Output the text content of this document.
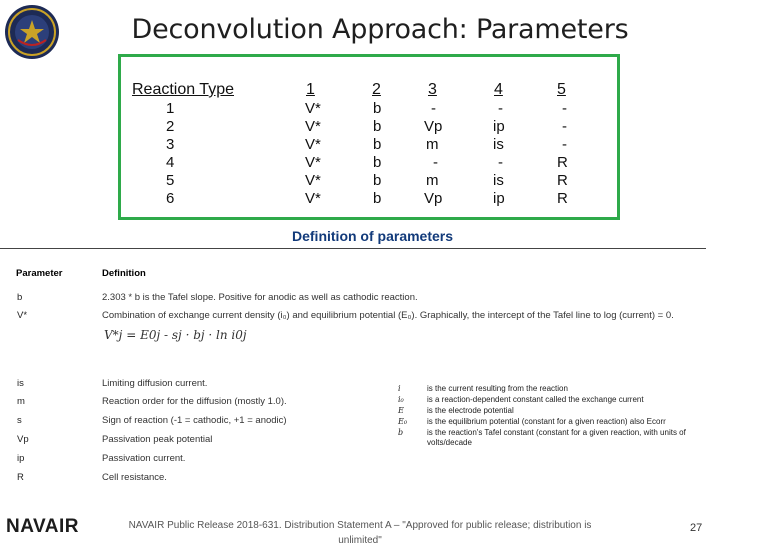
Deconvolution Approach: Parameters
Reaction Type	1	2	3	4	5
1	V*	b	-	-	-
2	V*	b	Vp	ip	-
3	V*	b	m	is	-
4	V*	b	-	-	R
5	V*	b	m	is	R
6	V*	b	Vp	ip	R
Definition of parameters
Parameter	Definition
b	2.303 * b is the Tafel slope. Positive for anodic as well as cathodic reaction.
V*	Combination of exchange current density (i₀) and equilibrium potential (E₀). Graphically, the intercept of the Tafel line to log (current) = 0.
is	Limiting diffusion current.
m	Reaction order for the diffusion (mostly 1.0).
s	Sign of reaction (-1 = cathodic, +1 = anodic)
Vp	Passivation peak potential
ip	Passivation current.
R	Cell resistance.
V*j = E0j - sj · bj · ln i0j
i	is the current resulting from the reaction
i₀	is a reaction-dependent constant called the exchange current
E	is the electrode potential
E₀ is the equilibrium potential (constant for a given reaction) also Ecorr
b	is the reaction's Tafel constant (constant for a given reaction, with units of volts/decade
NAVAIR	NAVAIR Public Release 2018-631. Distribution Statement A – "Approved for public release; distribution is unlimited"
27
